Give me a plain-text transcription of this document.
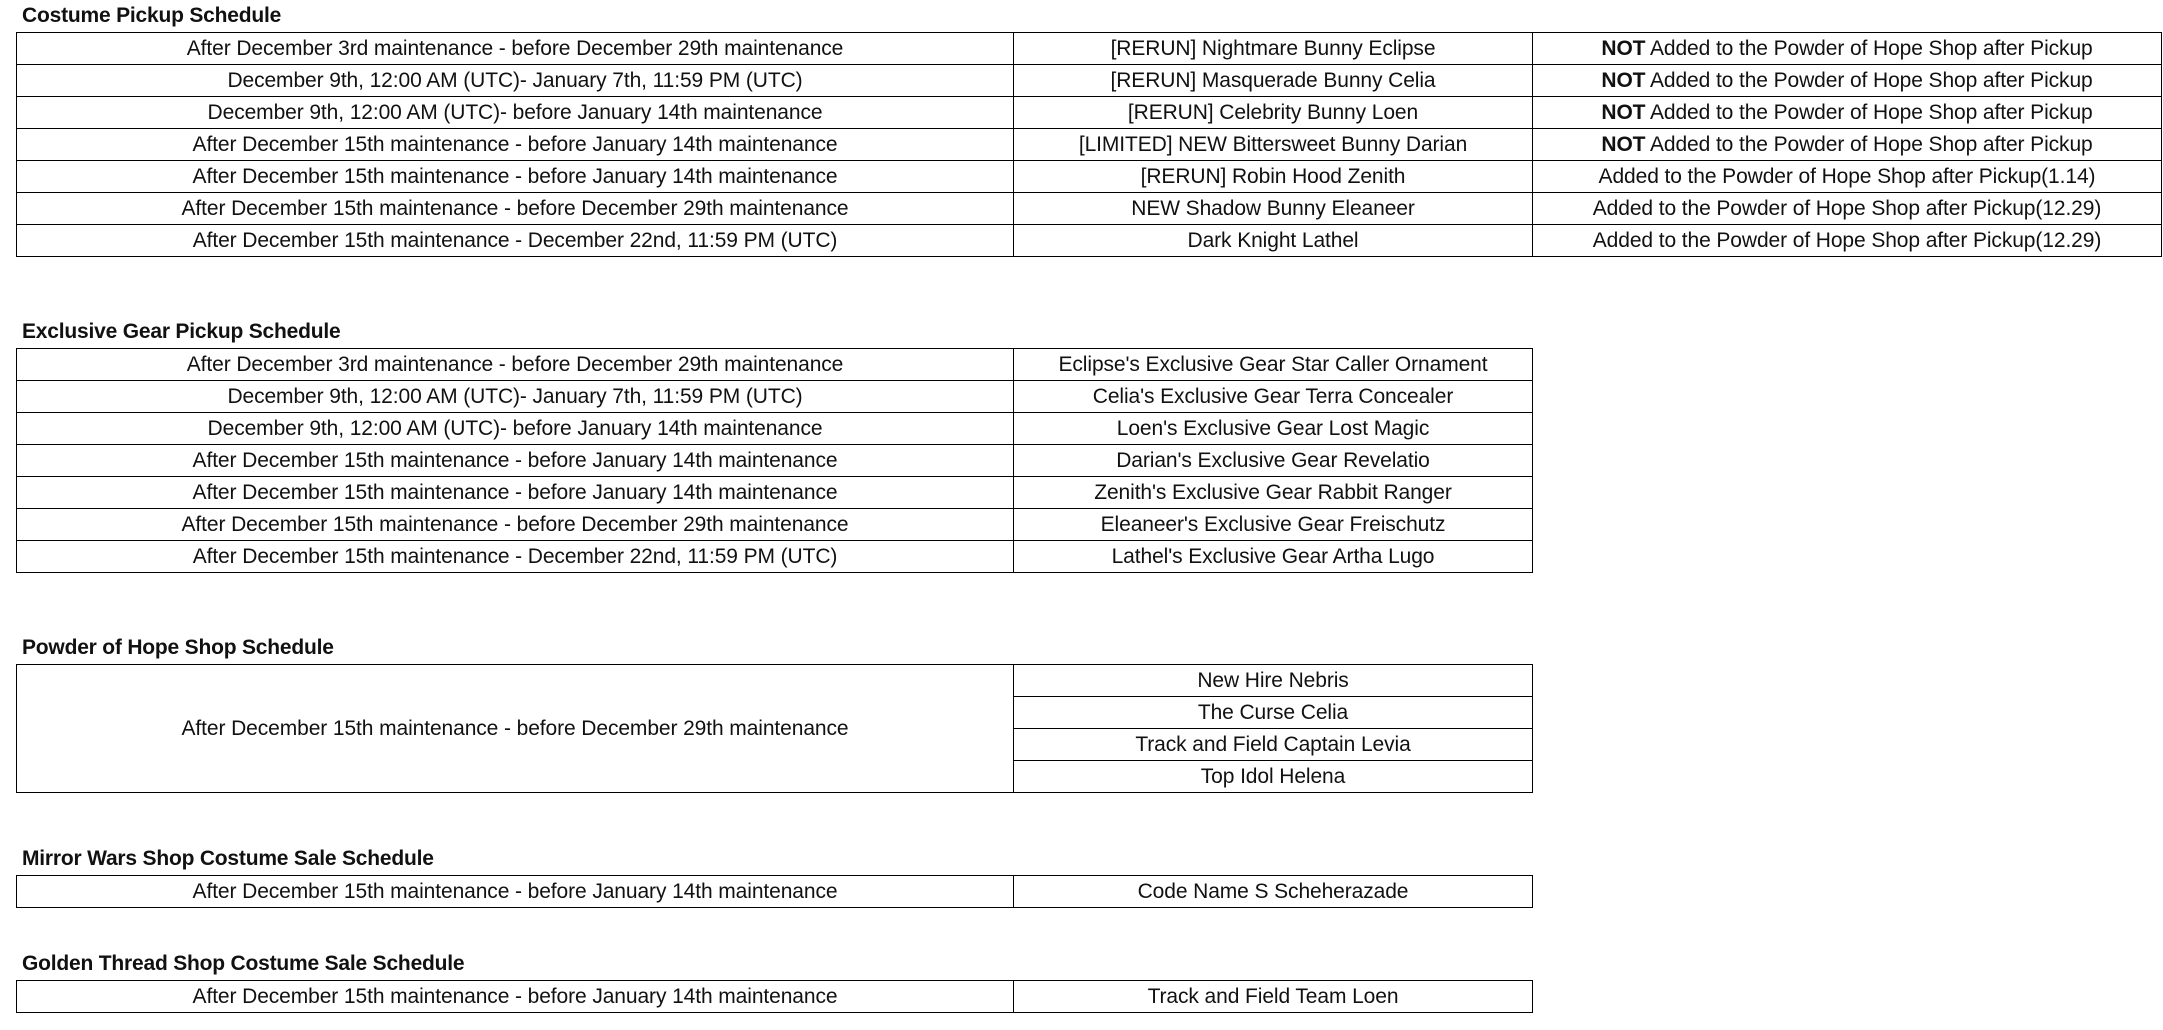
Costume Pickup Schedule
After December 3rd maintenance - before December 29th maintenance	[RERUN] Nightmare Bunny Eclipse	NOT Added to the Powder of Hope Shop after Pickup
December 9th, 12:00 AM (UTC)- January 7th, 11:59 PM (UTC)	[RERUN] Masquerade Bunny Celia	NOT Added to the Powder of Hope Shop after Pickup
December 9th, 12:00 AM (UTC)- before January 14th maintenance	[RERUN] Celebrity Bunny Loen	NOT Added to the Powder of Hope Shop after Pickup
After December 15th maintenance - before January 14th maintenance	[LIMITED] NEW Bittersweet Bunny Darian	NOT Added to the Powder of Hope Shop after Pickup
After December 15th maintenance - before January 14th maintenance	[RERUN] Robin Hood Zenith	Added to the Powder of Hope Shop after Pickup(1.14)
After December 15th maintenance - before December 29th maintenance	NEW Shadow Bunny Eleaneer	Added to the Powder of Hope Shop after Pickup(12.29)
After December 15th maintenance - December 22nd, 11:59 PM (UTC)	Dark Knight Lathel	Added to the Powder of Hope Shop after Pickup(12.29)
Exclusive Gear Pickup Schedule
After December 3rd maintenance - before December 29th maintenance	Eclipse's Exclusive Gear Star Caller Ornament
December 9th, 12:00 AM (UTC)- January 7th, 11:59 PM (UTC)	Celia's Exclusive Gear Terra Concealer
December 9th, 12:00 AM (UTC)- before January 14th maintenance	Loen's Exclusive Gear Lost Magic
After December 15th maintenance - before January 14th maintenance	Darian's Exclusive Gear Revelatio
After December 15th maintenance - before January 14th maintenance	Zenith's Exclusive Gear Rabbit Ranger
After December 15th maintenance - before December 29th maintenance	Eleaneer's Exclusive Gear Freischutz
After December 15th maintenance - December 22nd, 11:59 PM (UTC)	Lathel's Exclusive Gear Artha Lugo
Powder of Hope Shop Schedule
After December 15th maintenance - before December 29th maintenance	New Hire Nebris
The Curse Celia
Track and Field Captain Levia
Top Idol Helena
Mirror Wars Shop Costume Sale Schedule
After December 15th maintenance - before January 14th maintenance	Code Name S Scheherazade
Golden Thread Shop Costume Sale Schedule
After December 15th maintenance - before January 14th maintenance	Track and Field Team Loen
